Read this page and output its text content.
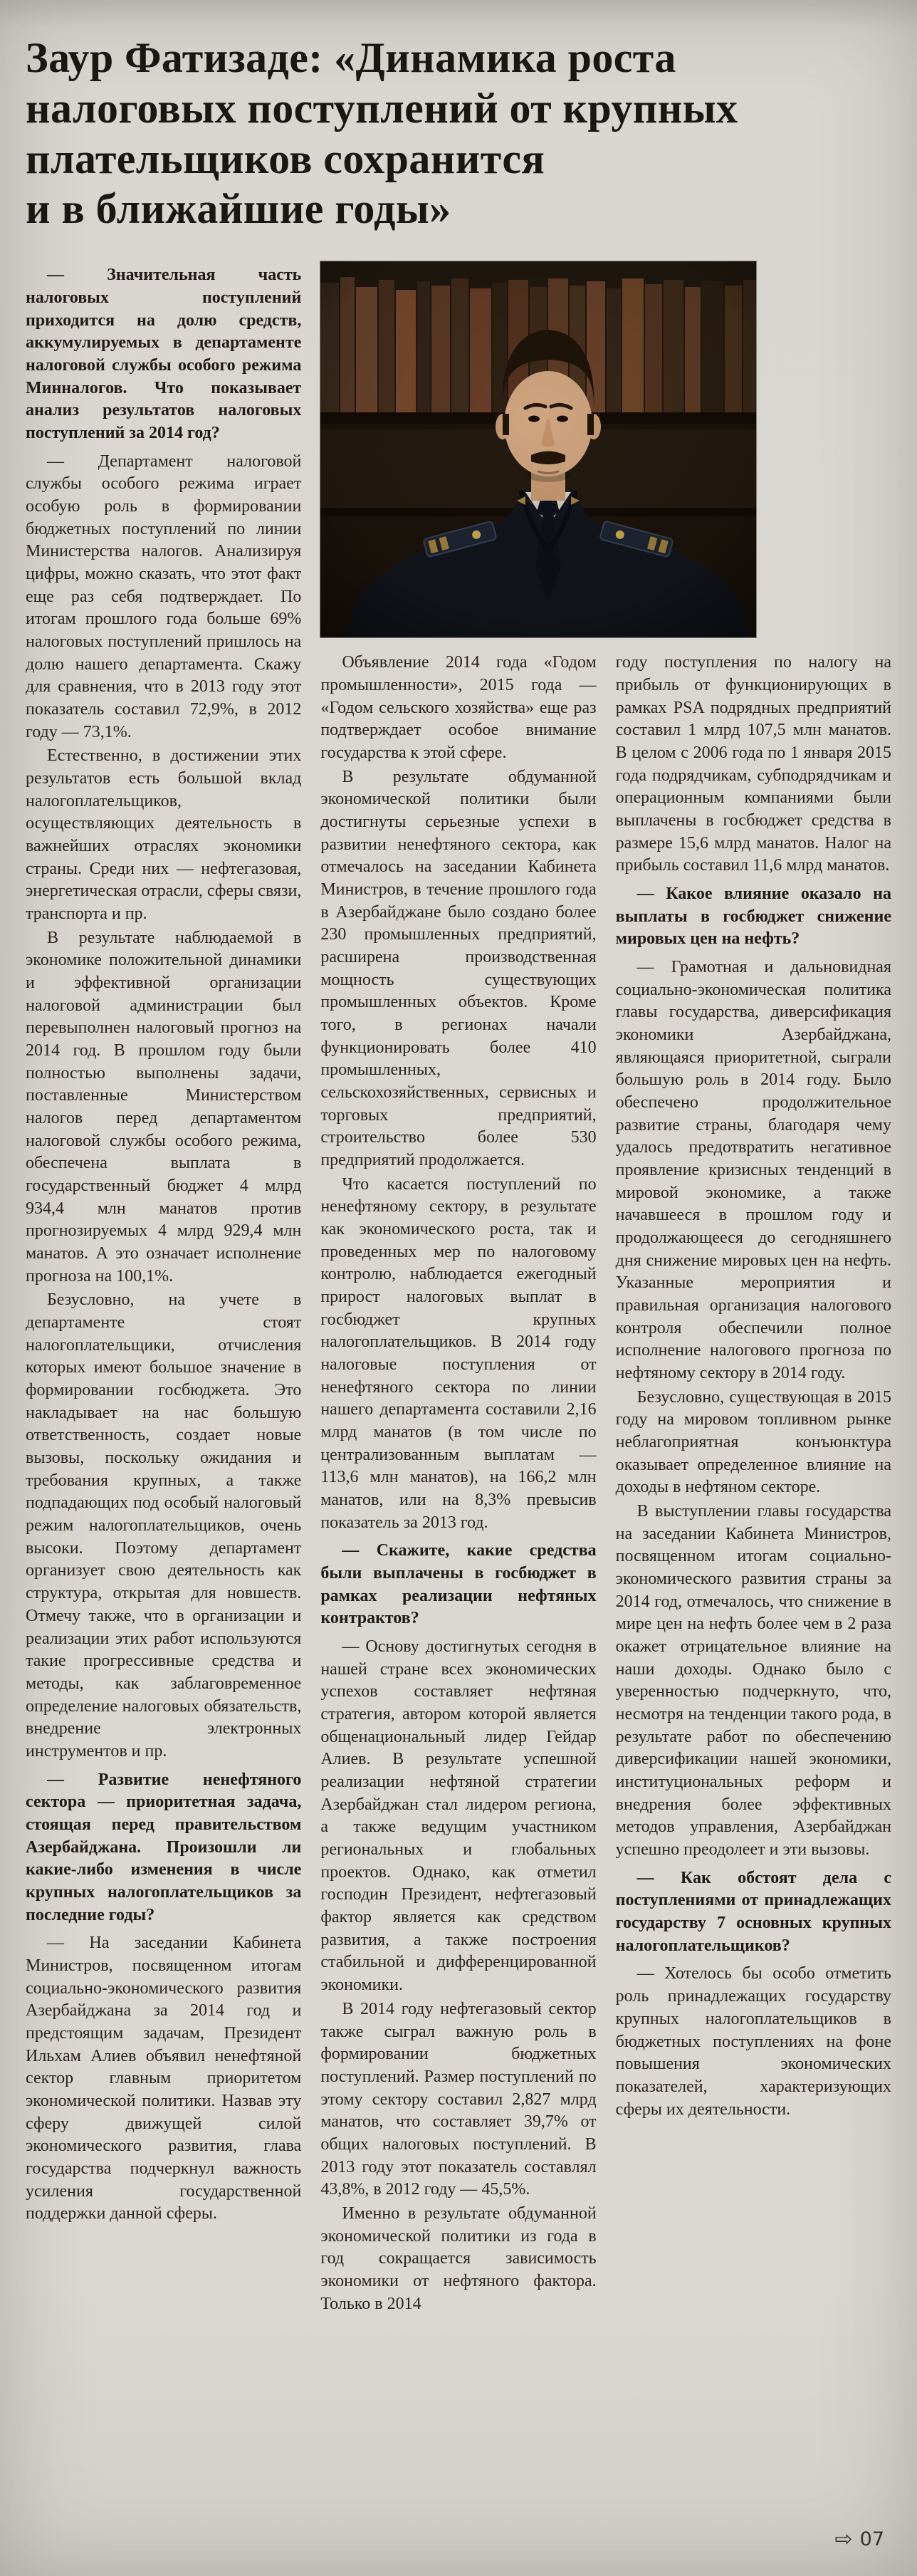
Заур Фатизаде: «Динамика роста
налоговых поступлений от крупных
плательщиков сохранится
и в ближайшие годы»

— Значительная часть налоговых поступлений приходится на долю средств, аккумулируемых в департаменте налоговой службы особого режима Минналогов. Что показывает анализ результатов налоговых поступлений за 2014 год?

— Департамент налоговой службы особого режима играет особую роль в формировании бюджетных поступлений по линии Министерства налогов. Анализируя цифры, можно сказать, что этот факт еще раз себя подтверждает. По итогам прошлого года больше 69% налоговых поступлений пришлось на долю нашего департамента. Скажу для сравнения, что в 2013 году этот показатель составил 72,9%, в 2012 году — 73,1%.

Естественно, в достижении этих результатов есть большой вклад налогоплательщиков, осуществляющих деятельность в важнейших отраслях экономики страны. Среди них — нефтегазовая, энергетическая отрасли, сферы связи, транспорта и пр.

В результате наблюдаемой в экономике положительной динамики и эффективной организации налоговой администрации был перевыполнен налоговый прогноз на 2014 год. В прошлом году были полностью выполнены задачи, поставленные Министерством налогов перед департаментом налоговой службы особого режима, обеспечена выплата в государственный бюджет 4 млрд 934,4 млн манатов против прогнозируемых 4 млрд 929,4 млн манатов. А это означает исполнение прогноза на 100,1%.

Безусловно, на учете в департаменте стоят налогоплательщики, отчисления которых имеют большое значение в формировании госбюджета. Это накладывает на нас большую ответственность, создает новые вызовы, поскольку ожидания и требования крупных, а также подпадающих под особый налоговый режим налогоплательщиков, очень высоки. Поэтому департамент организует свою деятельность как структура, открытая для новшеств. Отмечу также, что в организации и реализации этих работ используются такие прогрессивные средства и методы, как заблаговременное определение налоговых обязательств, внедрение электронных инструментов и пр.

— Развитие ненефтяного сектора — приоритетная задача, стоящая перед правительством Азербайджана. Произошли ли какие-либо изменения в числе крупных налогоплательщиков за последние годы?

— На заседании Кабинета Министров, посвященном итогам социально-экономического развития Азербайджана за 2014 год и предстоящим задачам, Президент Ильхам Алиев объявил ненефтяной сектор главным приоритетом экономической политики. Назвав эту сферу движущей силой экономического развития, глава государства подчеркнул важность усиления государственной поддержки данной сферы.

Объявление 2014 года «Годом промышленности», 2015 года — «Годом сельского хозяйства» еще раз подтверждает особое внимание государства к этой сфере.

В результате обдуманной экономической политики были достигнуты серьезные успехи в развитии ненефтяного сектора, как отмечалось на заседании Кабинета Министров, в течение прошлого года в Азербайджане было создано более 230 промышленных предприятий, расширена производственная мощность существующих промышленных объектов. Кроме того, в регионах начали функционировать более 410 промышленных, сельскохозяйственных, сервисных и торговых предприятий, строительство более 530 предприятий продолжается.

Что касается поступлений по ненефтяному сектору, в результате как экономического роста, так и проведенных мер по налоговому контролю, наблюдается ежегодный прирост налоговых выплат в госбюджет крупных налогоплательщиков. В 2014 году налоговые поступления от ненефтяного сектора по линии нашего департамента составили 2,16 млрд манатов (в том числе по централизованным выплатам — 113,6 млн манатов), на 166,2 млн манатов, или на 8,3% превысив показатель за 2013 год.

— Скажите, какие средства были выплачены в госбюджет в рамках реализации нефтяных контрактов?

— Основу достигнутых сегодня в нашей стране всех экономических успехов составляет нефтяная стратегия, автором которой является общенациональный лидер Гейдар Алиев. В результате успешной реализации нефтяной стратегии Азербайджан стал лидером региона, а также ведущим участником региональных и глобальных проектов. Однако, как отметил господин Президент, нефтегазовый фактор является как средством развития, а также построения стабильной и дифференцированной экономики.

В 2014 году нефтегазовый сектор также сыграл важную роль в формировании бюджетных поступлений. Размер поступлений по этому сектору составил 2,827 млрд манатов, что составляет 39,7% от общих налоговых поступлений. В 2013 году этот показатель составлял 43,8%, в 2012 году — 45,5%.

Именно в результате обдуманной экономической политики из года в год сокращается зависимость экономики от нефтяного фактора. Только в 2014

году поступления по налогу на прибыль от функционирующих в рамках PSA подрядных предприятий составил 1 млрд 107,5 млн манатов. В целом с 2006 года по 1 января 2015 года подрядчикам, субподрядчикам и операционным компаниями были выплачены в госбюджет средства в размере 15,6 млрд манатов. Налог на прибыль составил 11,6 млрд манатов.

— Какое влияние оказало на выплаты в госбюджет снижение мировых цен на нефть?

— Грамотная и дальновидная социально-экономическая политика главы государства, диверсификация экономики Азербайджана, являющаяся приоритетной, сыграли большую роль в 2014 году. Было обеспечено продолжительное развитие страны, благодаря чему удалось предотвратить негативное проявление кризисных тенденций в мировой экономике, а также начавшееся в прошлом году и продолжающееся до сегодняшнего дня снижение мировых цен на нефть. Указанные мероприятия и правильная организация налогового контроля обеспечили полное исполнение налогового прогноза по нефтяному сектору в 2014 году.

Безусловно, существующая в 2015 году на мировом топливном рынке неблагоприятная конъюнктура оказывает определенное влияние на доходы в нефтяном секторе.

В выступлении главы государства на заседании Кабинета Министров, посвященном итогам социально-экономического развития страны за 2014 год, отмечалось, что снижение в мире цен на нефть более чем в 2 раза окажет отрицательное влияние на наши доходы. Однако было с уверенностью подчеркнуто, что, несмотря на тенденции такого рода, в результате работ по обеспечению диверсификации нашей экономики, институциональных реформ и внедрения более эффективных методов управления, Азербайджан успешно преодолеет и эти вызовы.

— Как обстоят дела с поступлениями от принадлежащих государству 7 основных крупных налогоплательщиков?

— Хотелось бы особо отметить роль принадлежащих государству крупных налогоплательщиков в бюджетных поступлениях на фоне повышения экономических показателей, характеризующих сферы их деятельности.

⇨ 07
